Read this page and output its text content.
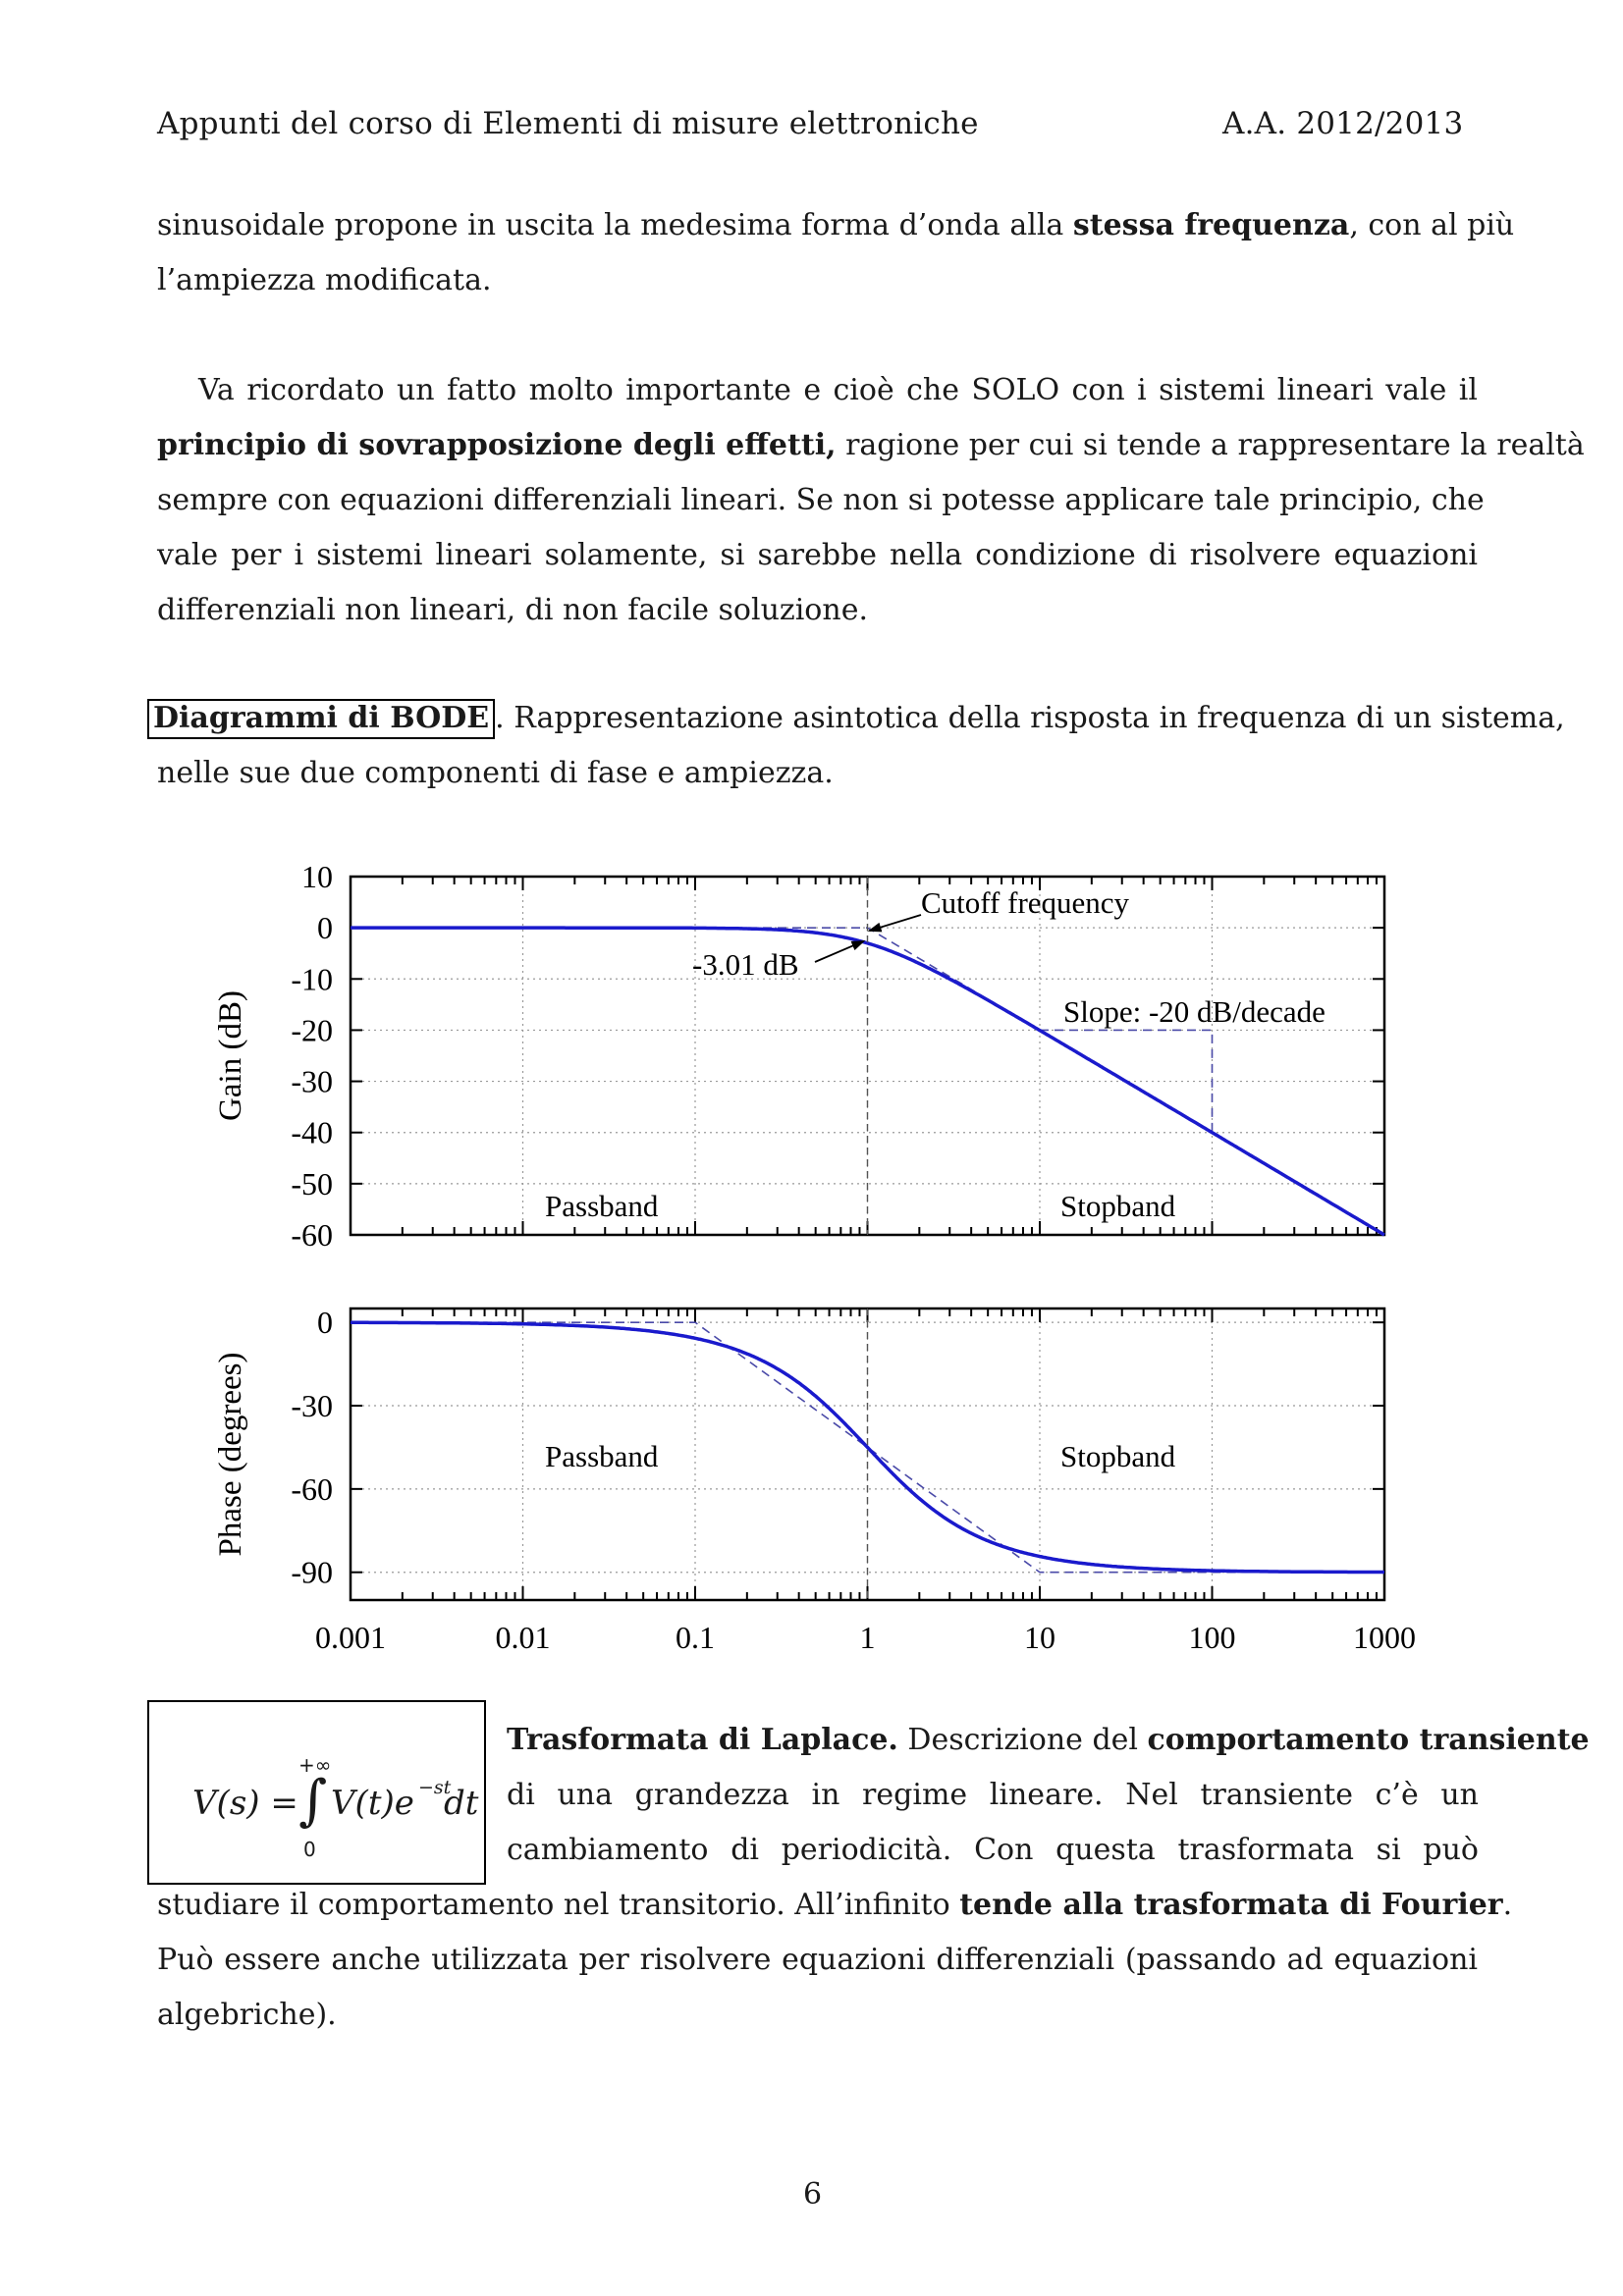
Appunti del corso di Elementi di misure elettroniche	A.A. 2012/2013
sinusoidale propone in uscita la medesima forma d’onda alla stessa frequenza, con al più
l’ampiezza modificata.
Va ricordato un fatto molto importante e cioè che SOLO con i sistemi lineari vale il
principio di sovrapposizione degli effetti, ragione per cui si tende a rappresentare la realtà
sempre con equazioni differenziali lineari. Se non si potesse applicare tale principio, che
vale per i sistemi lineari solamente, si sarebbe nella condizione di risolvere equazioni
differenziali non lineari, di non facile soluzione.
Diagrammi di BODE . Rappresentazione asintotica della risposta in frequenza di un sistema,
nelle sue due componenti di fase e ampiezza.
10
0
-10
-20
-30
-40
-50
-60
Gain (dB)
Cutoff frequency
-3.01 dB
Slope: -20 dB/decade
Passband	Stopband
0
-30
-60
-90
Phase (degrees)	Passband	Stopband
0.001	0.01	0.1	1	10	100	1000
V(s) =
+∞
∫
0
V(t)e −st
dt
Trasformata di Laplace. Descrizione del comportamento transiente
di una grandezza in regime lineare. Nel transiente c’è un
cambiamento di periodicità. Con questa trasformata si può
studiare il comportamento nel transitorio. All’infinito tende alla trasformata di Fourier.
Può essere anche utilizzata per risolvere equazioni differenziali (passando ad equazioni
algebriche).
6
